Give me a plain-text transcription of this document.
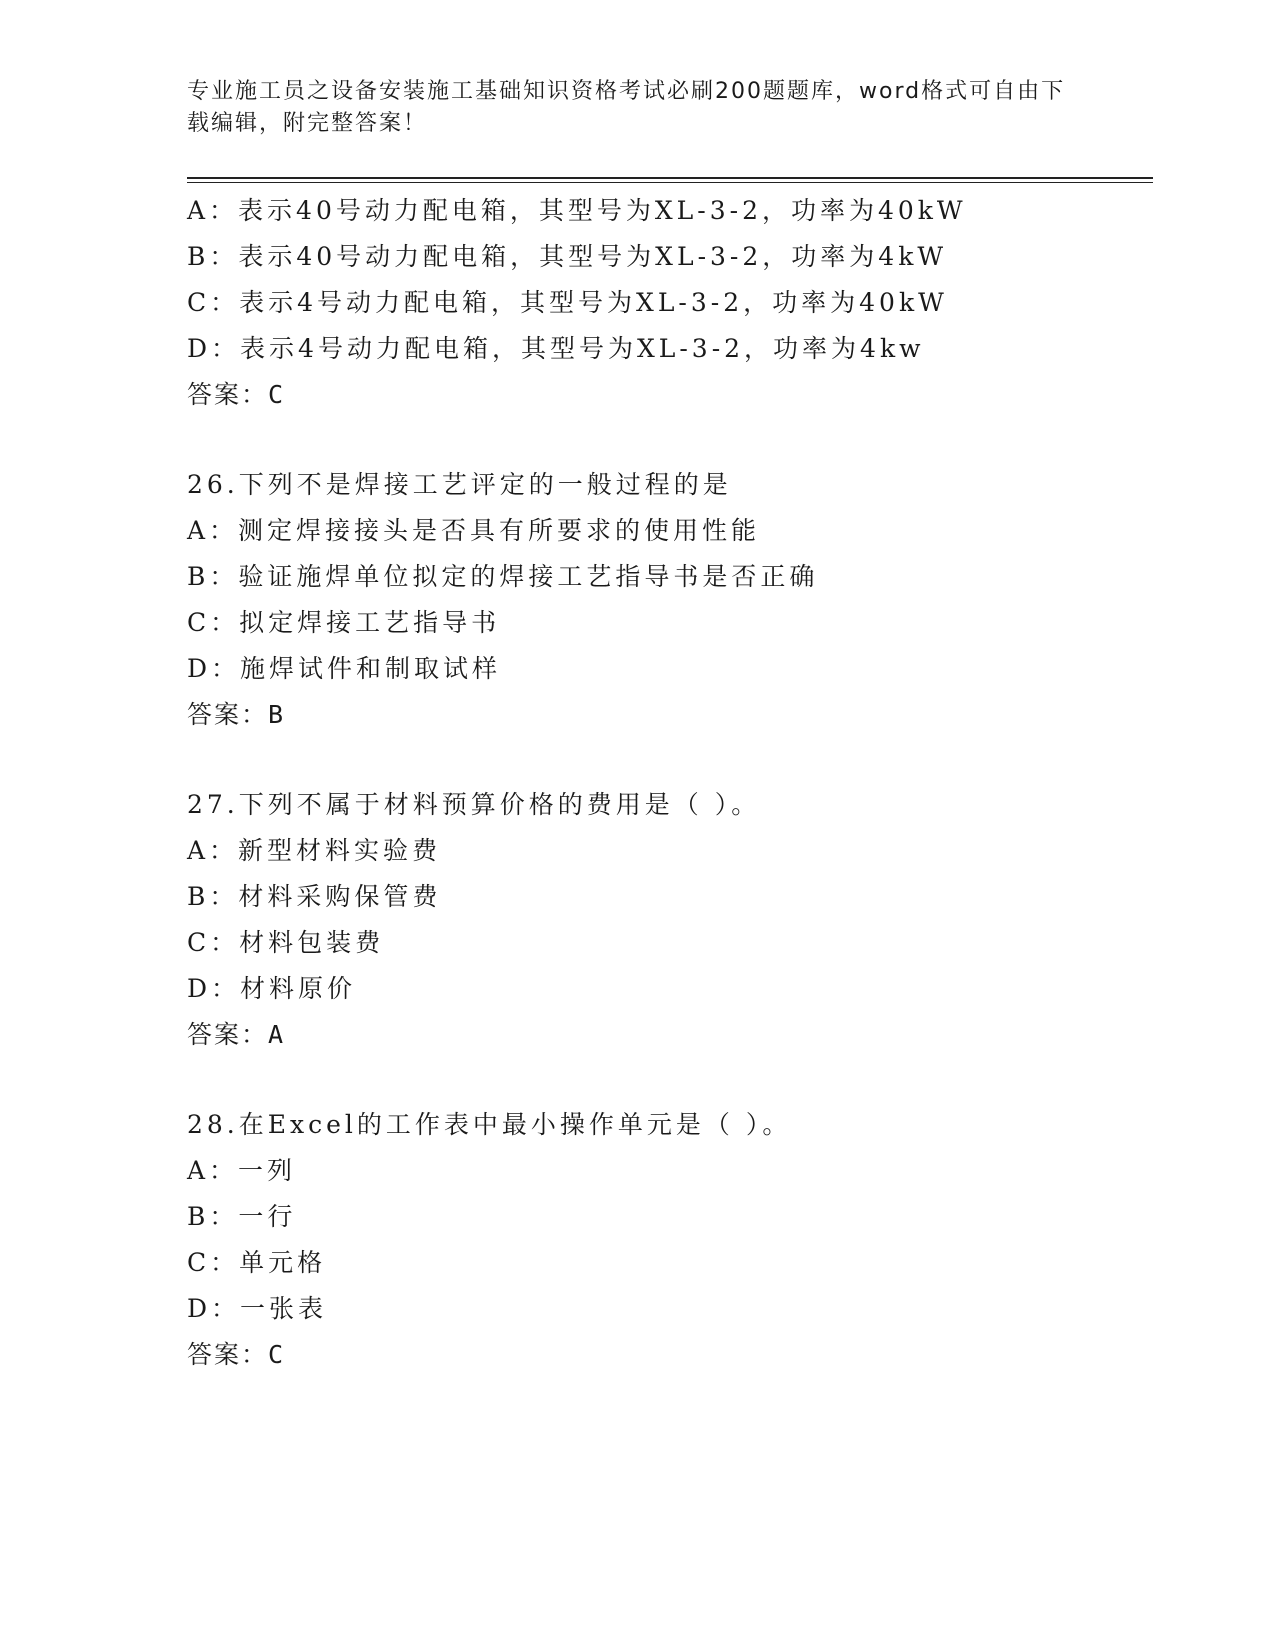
专业施工员之设备安装施工基础知识资格考试必刷200题题库，word格式可自由下载编辑，附完整答案！
A：表示40号动力配电箱，其型号为XL-3-2，功率为40kW
B：表示40号动力配电箱，其型号为XL-3-2，功率为4kW
C：表示4号动力配电箱，其型号为XL-3-2，功率为40kW
D：表示4号动力配电箱，其型号为XL-3-2，功率为4kw
答案：C
26.下列不是焊接工艺评定的一般过程的是
A：测定焊接接头是否具有所要求的使用性能
B：验证施焊单位拟定的焊接工艺指导书是否正确
C：拟定焊接工艺指导书
D：施焊试件和制取试样
答案：B
27.下列不属于材料预算价格的费用是（ ）。
A：新型材料实验费
B：材料采购保管费
C：材料包装费
D：材料原价
答案：A
28.在Excel的工作表中最小操作单元是（ ）。
A：一列
B：一行
C：单元格
D：一张表
答案：C
